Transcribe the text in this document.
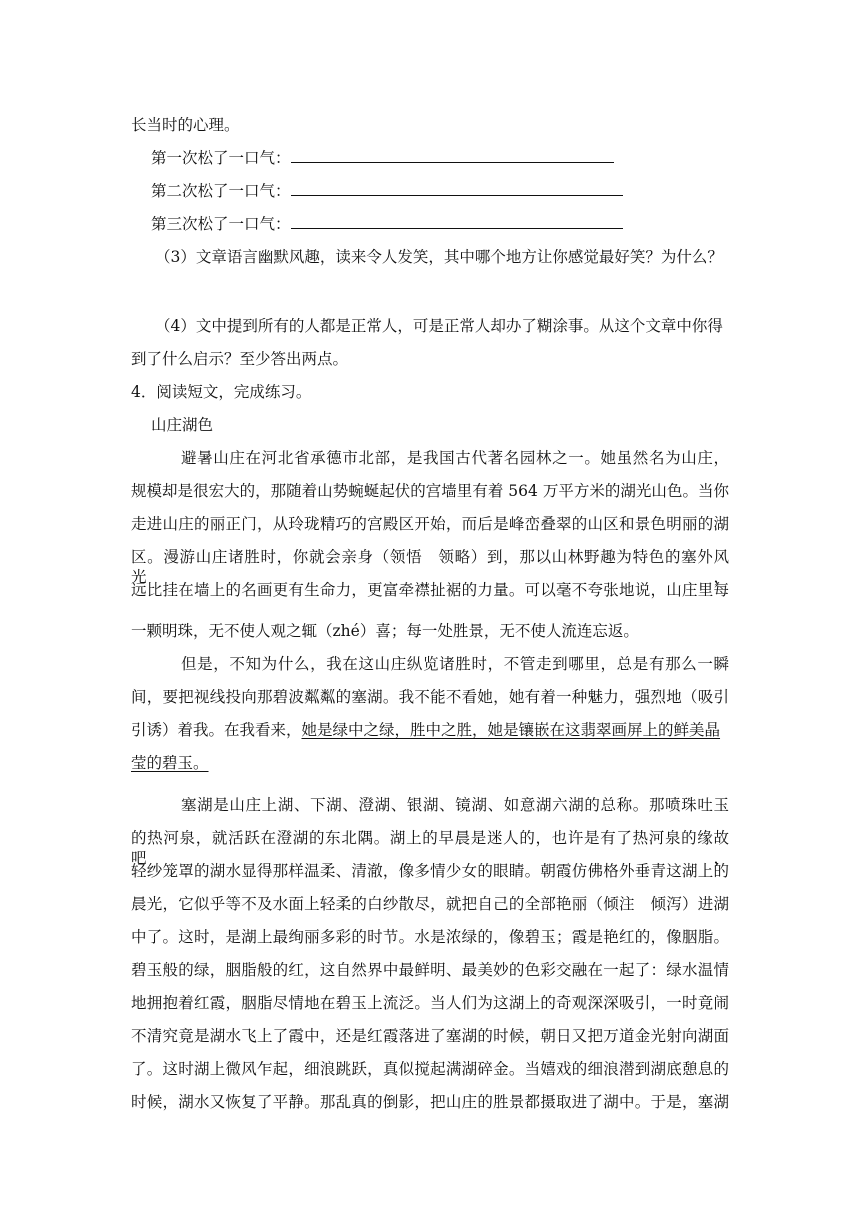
长当时的心理。
第一次松了一口气：
第二次松了一口气：
第三次松了一口气：
（3）文章语言幽默风趣，读来令人发笑，其中哪个地方让你感觉最好笑？为什么？
（4）文中提到所有的人都是正常人，可是正常人却办了糊涂事。从这个文章中你得
到了什么启示？至少答出两点。
4．阅读短文，完成练习。
山庄湖色
避暑山庄在河北省承德市北部，是我国古代著名园林之一。她虽然名为山庄，
规模却是很宏大的，那随着山势蜿蜒起伏的宫墙里有着 564 万平方米的湖光山色。当你
走进山庄的丽正门，从玲珑精巧的宫殿区开始，而后是峰峦叠翠的山区和景色明丽的湖
区。漫游山庄诸胜时，你就会亲身（领悟　领略）到，那以山林野趣为特色的塞外风光，
远比挂在墙上的名画更有生命力，更富牵襟扯裾的力量。可以毫不夸张地说，山庄里每
一颗明珠，无不使人观之辄（zhé）喜；每一处胜景，无不使人流连忘返。
但是，不知为什么，我在这山庄纵览诸胜时，不管走到哪里，总是有那么一瞬
间，要把视线投向那碧波粼粼的塞湖。我不能不看她，她有着一种魅力，强烈地（吸引
引诱）着我。在我看来，她是绿中之绿，胜中之胜，她是镶嵌在这翡翠画屏上的鲜美晶
莹的碧玉。
塞湖是山庄上湖、下湖、澄湖、银湖、镜湖、如意湖六湖的总称。那喷珠吐玉
的热河泉，就活跃在澄湖的东北隅。湖上的早晨是迷人的，也许是有了热河泉的缘故吧，
轻纱笼罩的湖水显得那样温柔、清澈，像多情少女的眼睛。朝霞仿佛格外垂青这湖上的
晨光，它似乎等不及水面上轻柔的白纱散尽，就把自己的全部艳丽（倾注　倾泻）进湖
中了。这时，是湖上最绚丽多彩的时节。水是浓绿的，像碧玉；霞是艳红的，像胭脂。
碧玉般的绿，胭脂般的红，这自然界中最鲜明、最美妙的色彩交融在一起了：绿水温情
地拥抱着红霞，胭脂尽情地在碧玉上流泛。当人们为这湖上的奇观深深吸引，一时竟闹
不清究竟是湖水飞上了霞中，还是红霞落进了塞湖的时候，朝日又把万道金光射向湖面
了。这时湖上微风乍起，细浪跳跃，真似搅起满湖碎金。当嬉戏的细浪潜到湖底憩息的
时候，湖水又恢复了平静。那乱真的倒影，把山庄的胜景都摄取进了湖中。于是，塞湖
